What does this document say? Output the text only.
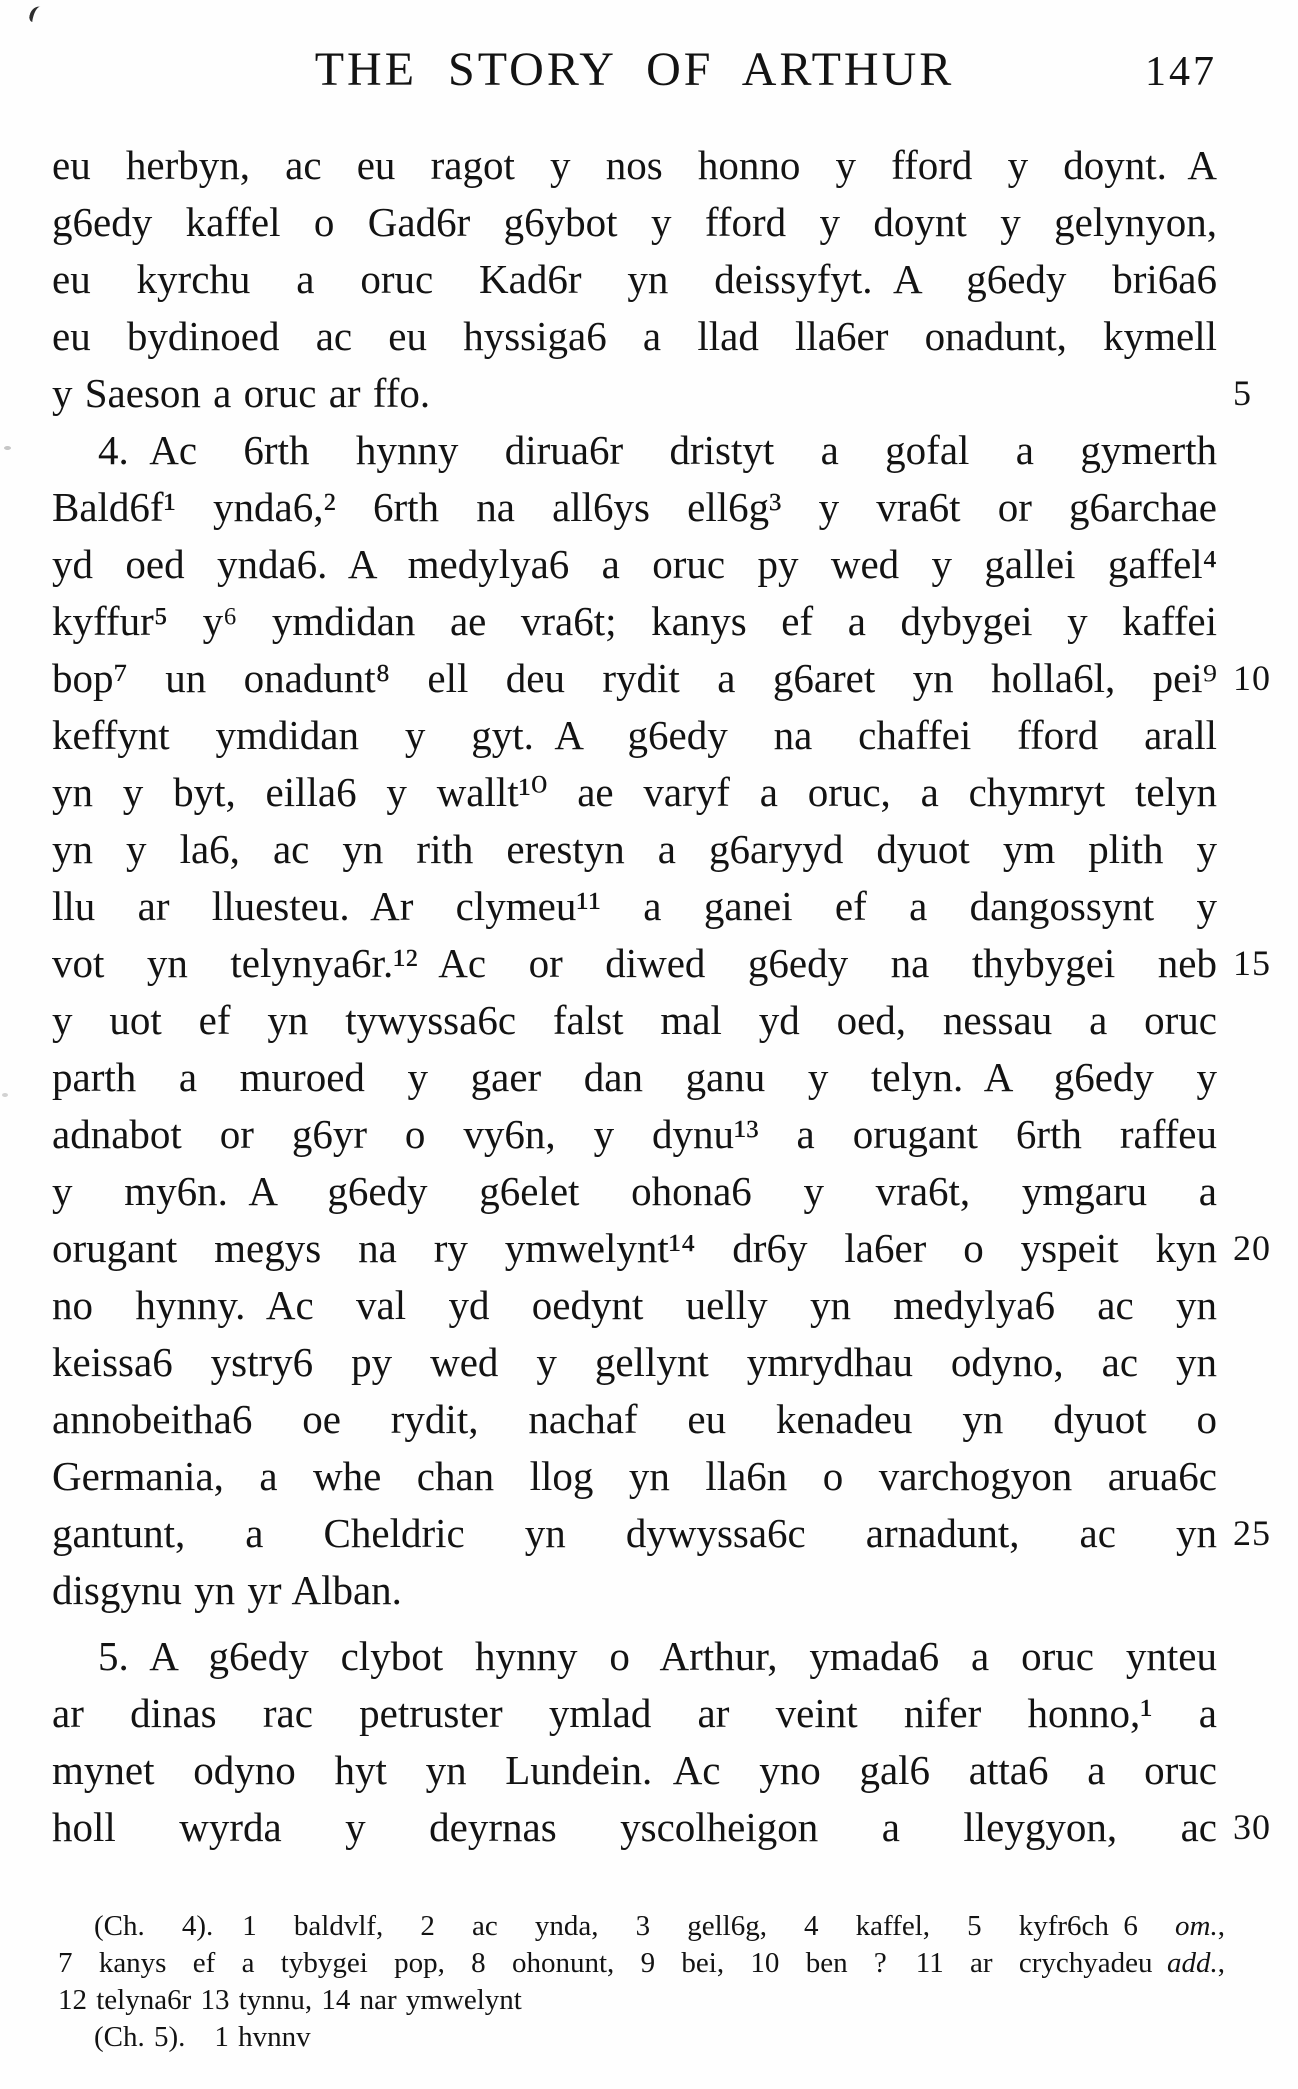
THE STORY OF ARTHUR	147
eu herbyn, ac eu ragot y nos honno y fford y doynt. A
g6edy kaffel o Gad6r g6ybot y fford y doynt y gelynyon,
eu kyrchu a oruc Kad6r yn deissyfyt. A g6edy bri6a6
eu bydinoed ac eu hyssiga6 a llad lla6er onadunt, kymell
y Saeson a oruc ar ffo.	5
4. Ac 6rth hynny dirua6r dristyt a gofal a gymerth
Bald6f¹ ynda6,² 6rth na all6ys ell6g³ y vra6t or g6archae
yd oed ynda6. A medylya6 a oruc py wed y gallei gaffel⁴
kyffur⁵ y⁶ ymdidan ae vra6t; kanys ef a dybygei y kaffei
bop⁷ un onadunt⁸ ell deu rydit a g6aret yn holla6l, pei⁹ 10
keffynt ymdidan y gyt. A g6edy na chaffei fford arall
yn y byt, eilla6 y wallt¹⁰ ae varyf a oruc, a chymryt telyn
yn y la6, ac yn rith erestyn a g6aryyd dyuot ym plith y
llu ar lluesteu. Ar clymeu¹¹ a ganei ef a dangossynt y
vot yn telynya6r.¹² Ac or diwed g6edy na thybygei neb 15
y uot ef yn tywyssa6c falst mal yd oed, nessau a oruc
parth a muroed y gaer dan ganu y telyn. A g6edy y
adnabot or g6yr o vy6n, y dynu¹³ a orugant 6rth raffeu
y my6n. A g6edy g6elet ohona6 y vra6t, ymgaru a
orugant megys na ry ymwelynt¹⁴ dr6y la6er o yspeit kyn 20
no hynny. Ac val yd oedynt uelly yn medylya6 ac yn
keissa6 ystry6 py wed y gellynt ymrydhau odyno, ac yn
annobeitha6 oe rydit, nachaf eu kenadeu yn dyuot o
Germania, a whe chan llog yn lla6n o varchogyon arua6c
gantunt, a Cheldric yn dywyssa6c arnadunt, ac yn 25
disgynu yn yr Alban.
5. A g6edy clybot hynny o Arthur, ymada6 a oruc ynteu
ar dinas rac petruster ymlad ar veint nifer honno,¹ a
mynet odyno hyt yn Lundein. Ac yno gal6 atta6 a oruc
holl wyrda y deyrnas yscolheigon a lleygyon, ac 30
(Ch. 4). 1 baldvlf, 2 ac ynda, 3 gell6g, 4 kaffel, 5 kyfr6ch 6 om.,
7 kanys ef a tybygei pop, 8 ohonunt, 9 bei, 10 ben ? 11 ar crychyadeu add.,
12 telyna6r 13 tynnu, 14 nar ymwelynt
(Ch. 5). 1 hvnnv
